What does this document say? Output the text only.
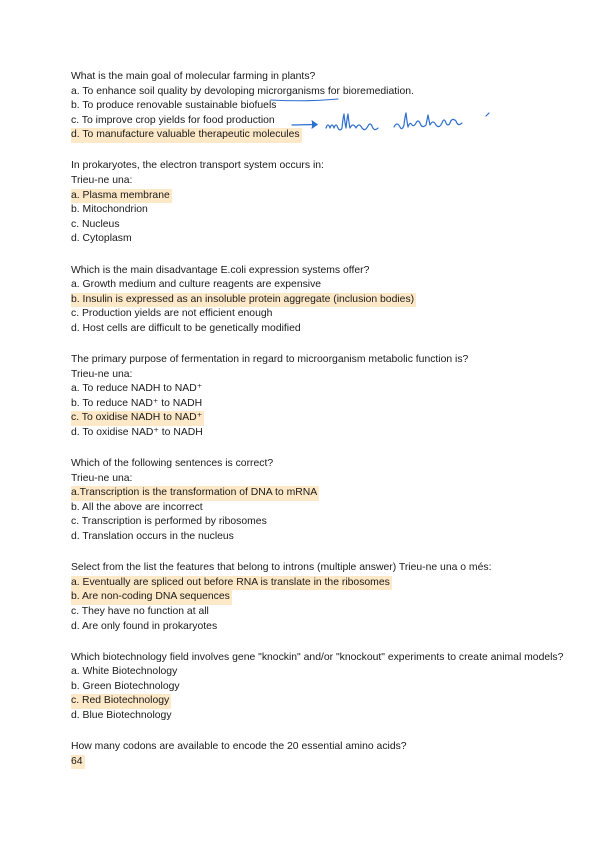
What is the main goal of molecular farming in plants?
a. To enhance soil quality by devoloping microrganisms for bioremediation.
b. To produce renovable sustainable biofuels
c. To improve crop yields for food production
d. To manufacture valuable therapeutic molecules
In prokaryotes, the electron transport system occurs in:
Trieu-ne una:
a. Plasma membrane
b. Mitochondrion
c. Nucleus
d. Cytoplasm
Which is the main disadvantage E.coli expression systems offer?
a. Growth medium and culture reagents are expensive
b. Insulin is expressed as an insoluble protein aggregate (inclusion bodies)
c. Production yields are not efficient enough
d. Host cells are difficult to be genetically modified
The primary purpose of fermentation in regard to microorganism metabolic function is?
Trieu-ne una:
a. To reduce NADH to NAD⁺
b. To reduce NAD⁺ to NADH
c. To oxidise NADH to NAD⁺
d. To oxidise NAD⁺ to NADH
Which of the following sentences is correct?
Trieu-ne una:
a.Transcription is the transformation of DNA to mRNA
b. All the above are incorrect
c. Transcription is performed by ribosomes
d. Translation occurs in the nucleus
Select from the list the features that belong to introns (multiple answer) Trieu-ne una o més:
a. Eventually are spliced out before RNA is translate in the ribosomes
b. Are non-coding DNA sequences
c. They have no function at all
d. Are only found in prokaryotes
Which biotechnology field involves gene "knockin" and/or "knockout" experiments to create animal models?
a. White Biotechnology
b. Green Biotechnology
c. Red Biotechnology
d. Blue Biotechnology
How many codons are available to encode the 20 essential amino acids?
64
